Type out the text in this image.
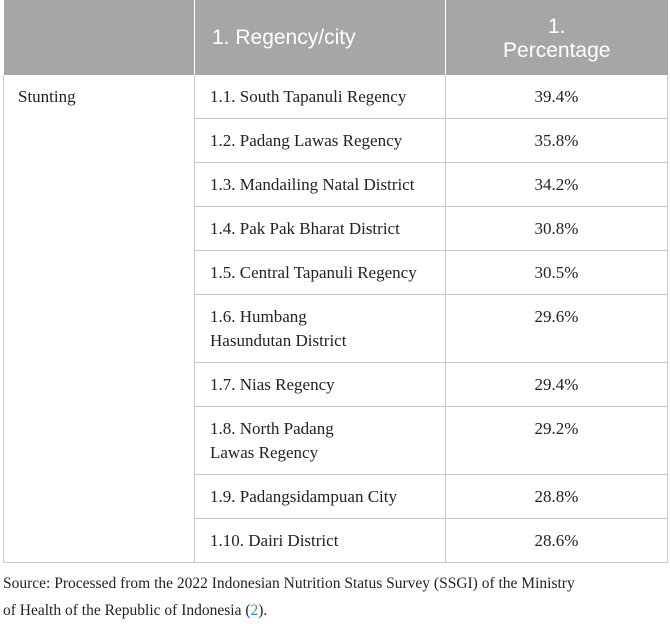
	1. Regency/city	1.
Percentage

Stunting	1.1. South Tapanuli Regency	39.4%
	1.2. Padang Lawas Regency	35.8%
	1.3. Mandailing Natal District	34.2%
	1.4. Pak Pak Bharat District	30.8%
	1.5. Central Tapanuli Regency	30.5%

	1.6. Humbang
Hasundutan District	29.6%
	1.7. Nias Regency	29.4%

	1.8. North Padang
Lawas Regency	29.2%
	1.9. Padangsidampuan City	28.8%
	1.10. Dairi District	28.6%
Source: Processed from the 2022 Indonesian Nutrition Status Survey (SSGI) of the Ministry
of Health of the Republic of Indonesia (2).
